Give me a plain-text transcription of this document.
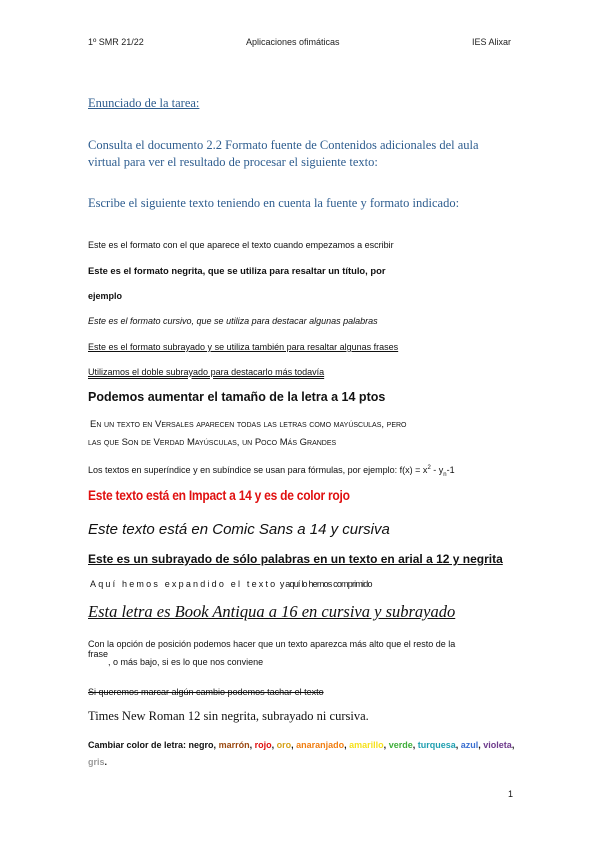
1º SMR 21/22	Aplicaciones ofimáticas	IES Alixar
Enunciado de la tarea:
Consulta el documento 2.2 Formato fuente de Contenidos adicionales del aula
virtual para ver el resultado de procesar el siguiente texto:
Escribe el siguiente texto teniendo en cuenta la fuente y formato indicado:
Este es el formato con el que aparece el texto cuando empezamos a escribir
Este es el formato negrita, que se utiliza para resaltar un título, por
ejemplo
Este es el formato cursivo, que se utiliza para destacar algunas palabras
Este es el formato subrayado y se utiliza también para resaltar algunas frases
Utilizamos el doble subrayado para destacarlo más todavía
Podemos aumentar el tamaño de la letra a 14 ptos
En un texto en Versales aparecen todas las letras como mayúsculas, pero
las que Son de Verdad Mayúsculas, un Poco Más Grandes
Los textos en superíndice y en subíndice se usan para fórmulas, por ejemplo: $f(x) = x^2 - y_n-1$
Este texto está en Impact a 14 y es de color rojo
Este texto está en Comic Sans a 14 y cursiva
Este es un subrayado de sólo palabras en un texto en arial a 12 y negrita
Aquí hemos expandido el texto y aquí lo hemos comprimido
Esta letra es Book Antiqua a 16 en cursiva y subrayado
Con la opción de posición podemos hacer que un texto aparezca más alto que el resto de la
frase, o más bajo, si es lo que nos conviene
Si queremos marcar algún cambio podemos tachar el texto
Times New Roman 12 sin negrita, subrayado ni cursiva.
Cambiar color de letra: negro, marrón, rojo, oro, anaranjado, amarillo, verde, turquesa, azul, violeta, gris.
1
